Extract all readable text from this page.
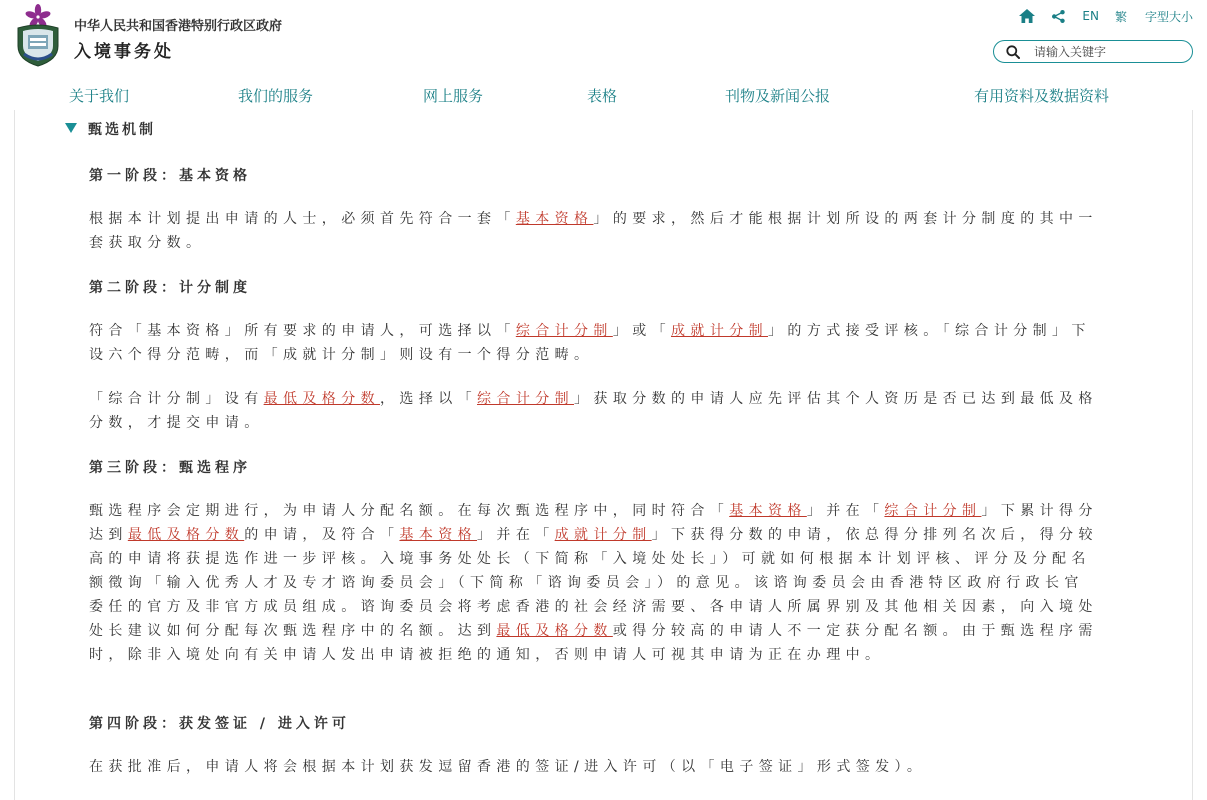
中华人民共和国香港特别行政区政府
入境事务处
EN 繁 字型大小
请输入关键字
关于我们	我们的服务	网上服务	表格	刊物及新闻公报	有用资料及数据资料
甄选机制
第一阶段：基本资格
根据本计划提出申请的人士，必须首先符合一套「基本资格」的要求，然后才能根据计划所设的两套计分制度的其中一套获取分数。
第二阶段：计分制度
符合「基本资格」所有要求的申请人，可选择以「综合计分制」或「成就计分制」的方式接受评核。「综合计分制」下设六个得分范畴，而「成就计分制」则设有一个得分范畴。
「综合计分制」设有最低及格分数，选择以「综合计分制」获取分数的申请人应先评估其个人资历是否已达到最低及格分数，才提交申请。
第三阶段：甄选程序
甄选程序会定期进行，为申请人分配名额。在每次甄选程序中，同时符合「基本资格」并在「综合计分制」下累计得分达到最低及格分数的申请，及符合「基本资格」并在「成就计分制」下获得分数的申请，依总得分排列名次后，得分较高的申请将获提选作进一步评核。入境事务处处长（下简称「入境处处长」）可就如何根据本计划评核、评分及分配名额徵询「输入优秀人才及专才谘询委员会」（下简称「谘询委员会」）的意见。该谘询委员会由香港特区政府行政长官委任的官方及非官方成员组成。谘询委员会将考虑香港的社会经济需要、各申请人所属界别及其他相关因素，向入境处处长建议如何分配每次甄选程序中的名额。达到最低及格分数或得分较高的申请人不一定获分配名额。由于甄选程序需时，除非入境处向有关申请人发出申请被拒绝的通知，否则申请人可视其申请为正在办理中。
第四阶段：获发签证 / 进入许可
在获批准后，申请人将会根据本计划获发逗留香港的签证/进入许可（以「电子签证」形式签发）。
